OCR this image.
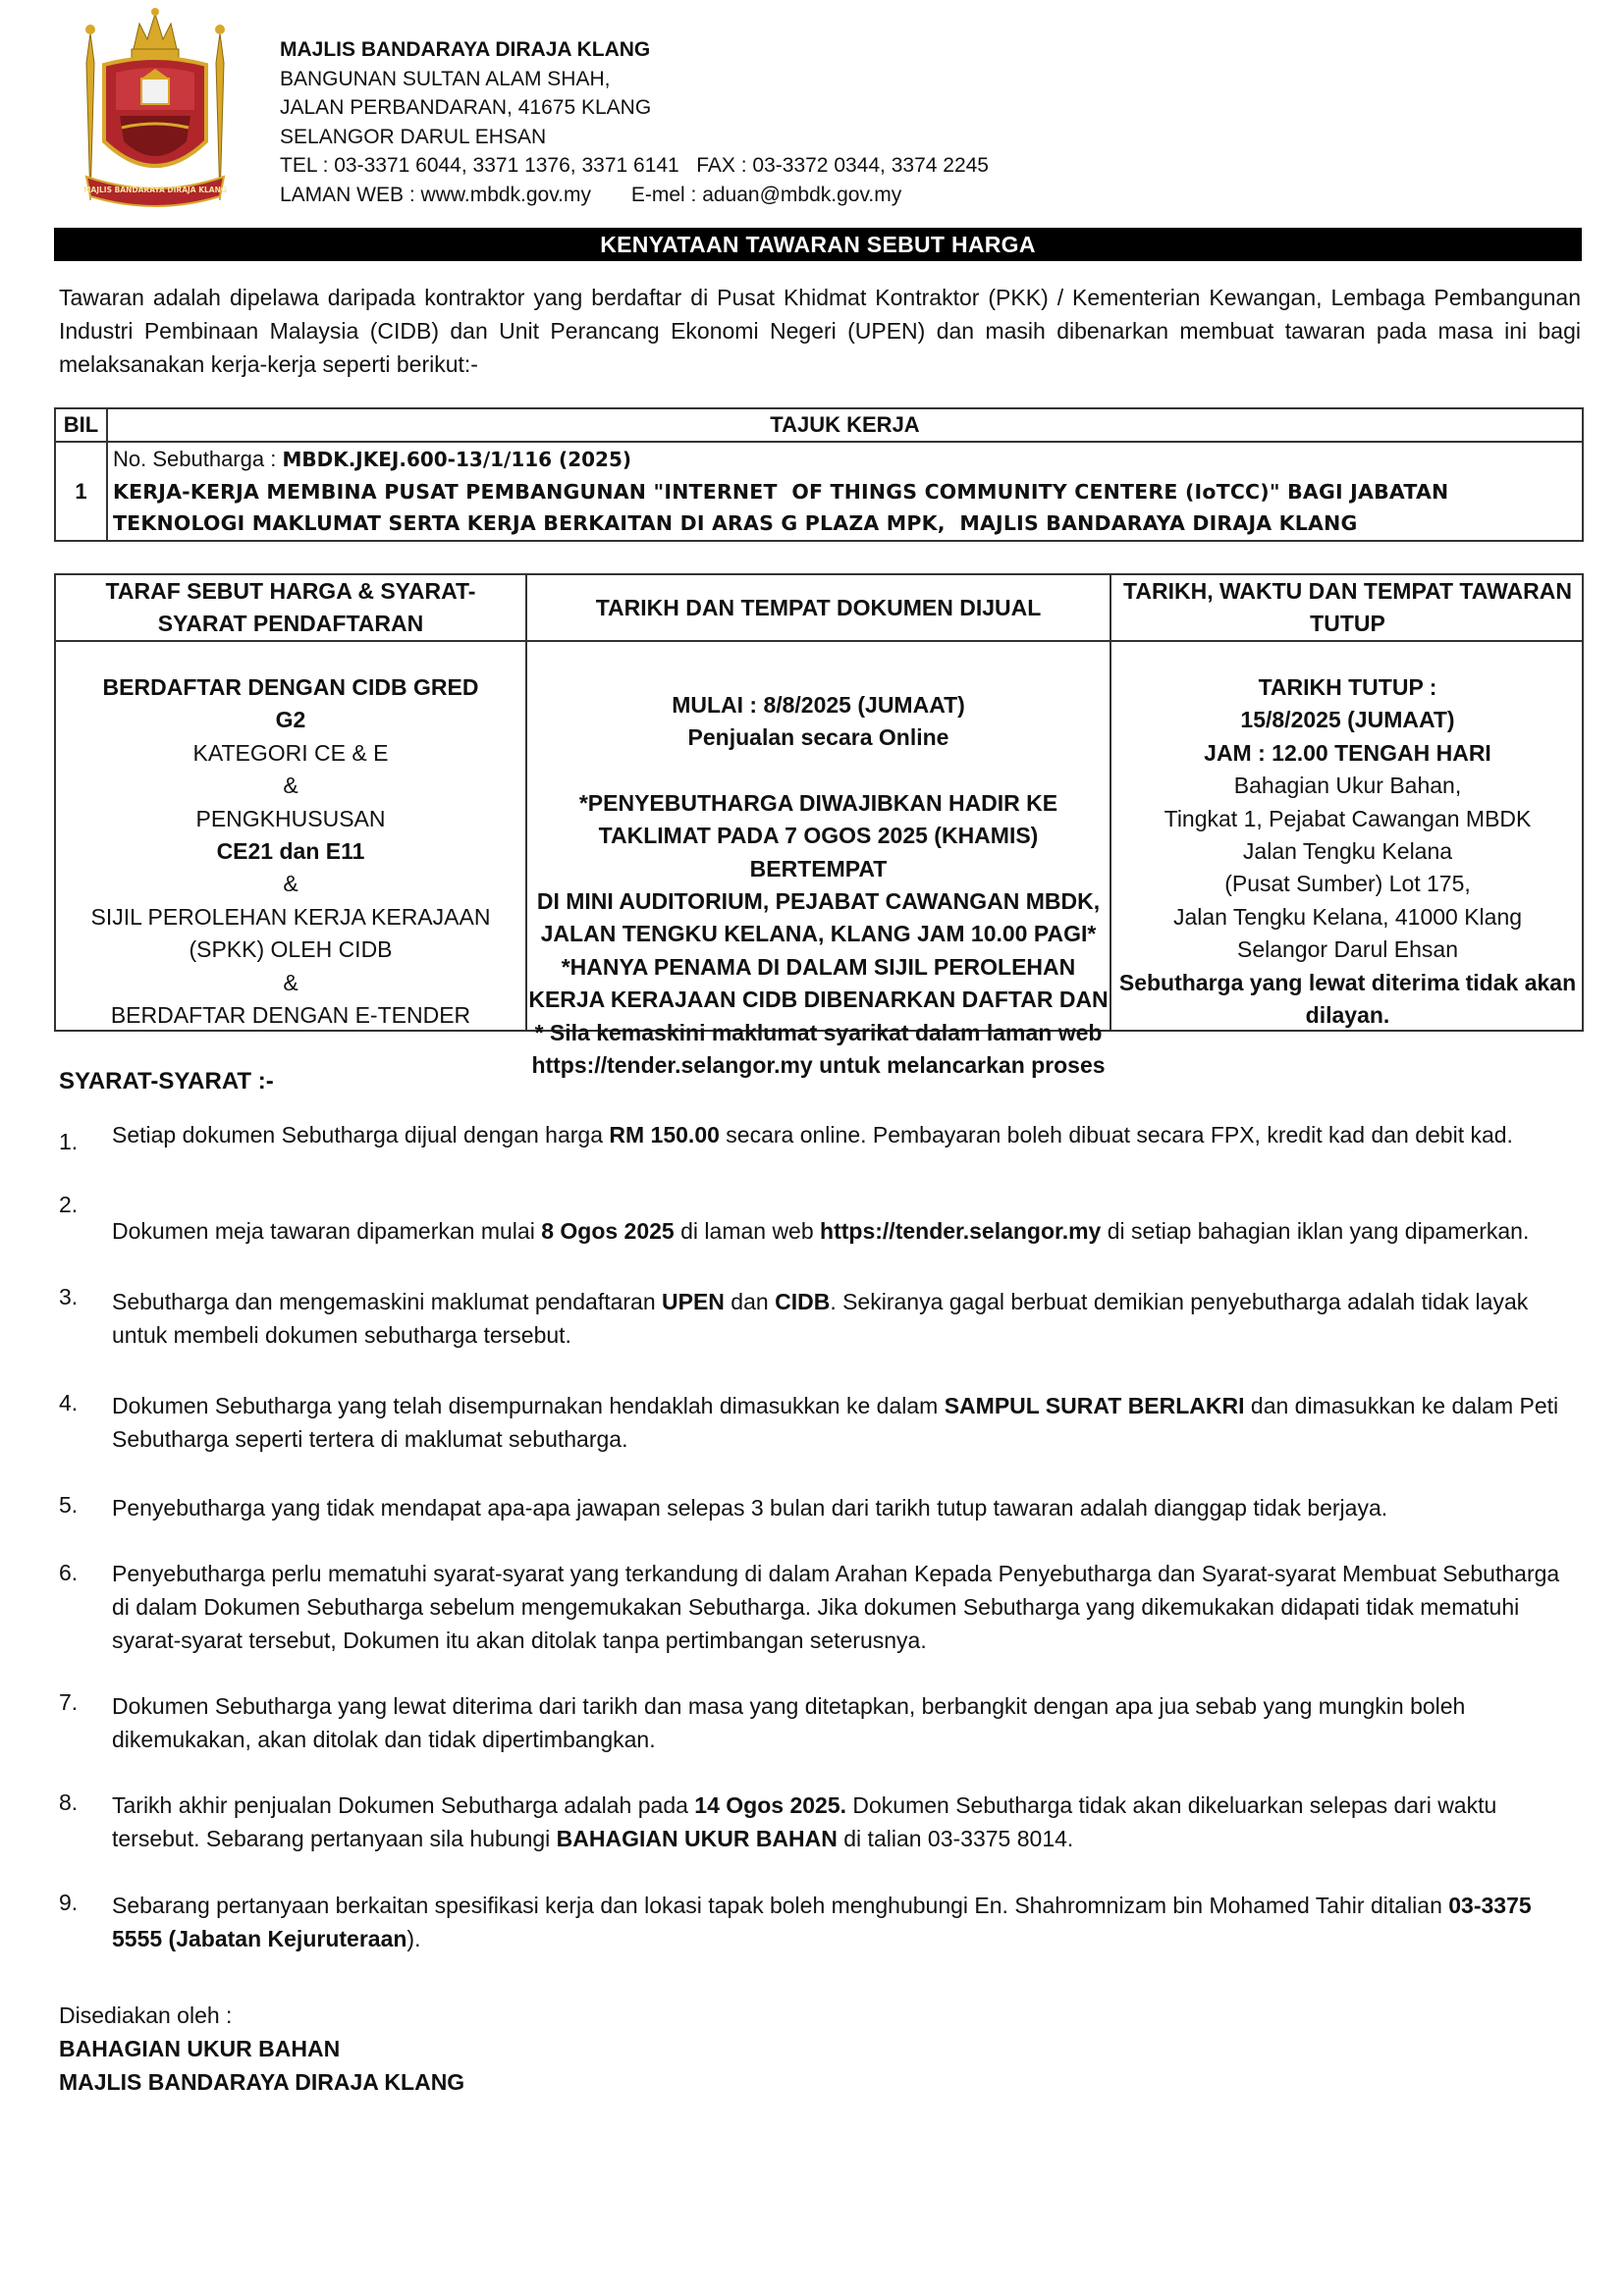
MAJLIS BANDARAYA DIRAJA KLANG
MAJLIS BANDARAYA DIRAJA KLANG
BANGUNAN SULTAN ALAM SHAH,
JALAN PERBANDARAN, 41675 KLANG
SELANGOR DARUL EHSAN
TEL : 03-3371 6044, 3371 1376, 3371 6141   FAX : 03-3372 0344, 3374 2245
LAMAN WEB : www.mbdk.gov.my       E-mel : aduan@mbdk.gov.my
KENYATAAN TAWARAN SEBUT HARGA
Tawaran adalah dipelawa daripada kontraktor yang berdaftar di Pusat Khidmat Kontraktor (PKK) / Kementerian Kewangan, Lembaga Pembangunan Industri Pembinaan Malaysia (CIDB) dan Unit Perancang Ekonomi Negeri (UPEN) dan masih dibenarkan membuat tawaran pada masa ini bagi melaksanakan kerja-kerja seperti berikut:-
BIL	TAJUK KERJA
1
No. Sebutharga : MBDK.JKEJ.600-13/1/116 (2025)
KERJA-KERJA MEMBINA PUSAT PEMBANGUNAN "INTERNET  OF THINGS COMMUNITY CENTERE (IoTCC)" BAGI JABATAN
TEKNOLOGI MAKLUMAT SERTA KERJA BERKAITAN DI ARAS G PLAZA MPK,  MAJLIS BANDARAYA DIRAJA KLANG
TARAF SEBUT HARGA & SYARAT-SYARAT PENDAFTARAN
TARIKH DAN TEMPAT DOKUMEN DIJUAL
TARIKH, WAKTU DAN TEMPAT TAWARAN TUTUP
BERDAFTAR DENGAN CIDB GRED
G2
KATEGORI CE & E
&
PENGKHUSUSAN
CE21 dan E11
&
SIJIL PEROLEHAN KERJA KERAJAAN
(SPKK) OLEH CIDB
&
BERDAFTAR DENGAN E-TENDER
MULAI : 8/8/2025 (JUMAAT)
Penjualan secara Online
*PENYEBUTHARGA DIWAJIBKAN HADIR KE
TAKLIMAT PADA 7 OGOS 2025 (KHAMIS) BERTEMPAT
DI MINI AUDITORIUM, PEJABAT CAWANGAN MBDK,
JALAN TENGKU KELANA, KLANG JAM 10.00 PAGI*
*HANYA PENAMA DI DALAM SIJIL PEROLEHAN
KERJA KERAJAAN CIDB DIBENARKAN DAFTAR DAN
* Sila kemaskini maklumat syarikat dalam laman web
https://tender.selangor.my untuk melancarkan proses
TARIKH TUTUP :
15/8/2025 (JUMAAT)
JAM : 12.00 TENGAH HARI
Bahagian Ukur Bahan,
Tingkat 1, Pejabat Cawangan MBDK
Jalan Tengku Kelana
(Pusat Sumber) Lot 175,
Jalan Tengku Kelana, 41000 Klang
Selangor Darul Ehsan
Sebutharga yang lewat diterima tidak akan
dilayan.
SYARAT-SYARAT :-
1. Setiap dokumen Sebutharga dijual dengan harga RM 150.00 secara online. Pembayaran boleh dibuat secara FPX, kredit kad dan debit kad.
2.
Dokumen meja tawaran dipamerkan mulai 8 Ogos 2025 di laman web https://tender.selangor.my di setiap bahagian iklan yang dipamerkan.
3. Sebutharga dan mengemaskini maklumat pendaftaran UPEN dan CIDB. Sekiranya gagal berbuat demikian penyebutharga adalah tidak layak untuk membeli dokumen sebutharga tersebut.
4. Dokumen Sebutharga yang telah disempurnakan hendaklah dimasukkan ke dalam SAMPUL SURAT BERLAKRI dan dimasukkan ke dalam Peti Sebutharga seperti tertera di maklumat sebutharga.
5. Penyebutharga yang tidak mendapat apa-apa jawapan selepas 3 bulan dari tarikh tutup tawaran adalah dianggap tidak berjaya.
6. Penyebutharga perlu mematuhi syarat-syarat yang terkandung di dalam Arahan Kepada Penyebutharga dan Syarat-syarat Membuat Sebutharga di dalam Dokumen Sebutharga sebelum mengemukakan Sebutharga. Jika dokumen Sebutharga yang dikemukakan didapati tidak mematuhi syarat-syarat tersebut, Dokumen itu akan ditolak tanpa pertimbangan seterusnya.
7. Dokumen Sebutharga yang lewat diterima dari tarikh dan masa yang ditetapkan, berbangkit dengan apa jua sebab yang mungkin boleh dikemukakan, akan ditolak dan tidak dipertimbangkan.
8. Tarikh akhir penjualan Dokumen Sebutharga adalah pada 14 Ogos 2025. Dokumen Sebutharga tidak akan dikeluarkan selepas dari waktu tersebut. Sebarang pertanyaan sila hubungi BAHAGIAN UKUR BAHAN di talian 03-3375 8014.
9. Sebarang pertanyaan berkaitan spesifikasi kerja dan lokasi tapak boleh menghubungi En. Shahromnizam bin Mohamed Tahir ditalian 03-3375 5555 (Jabatan Kejuruteraan).
Disediakan oleh :
BAHAGIAN UKUR BAHAN
MAJLIS BANDARAYA DIRAJA KLANG
